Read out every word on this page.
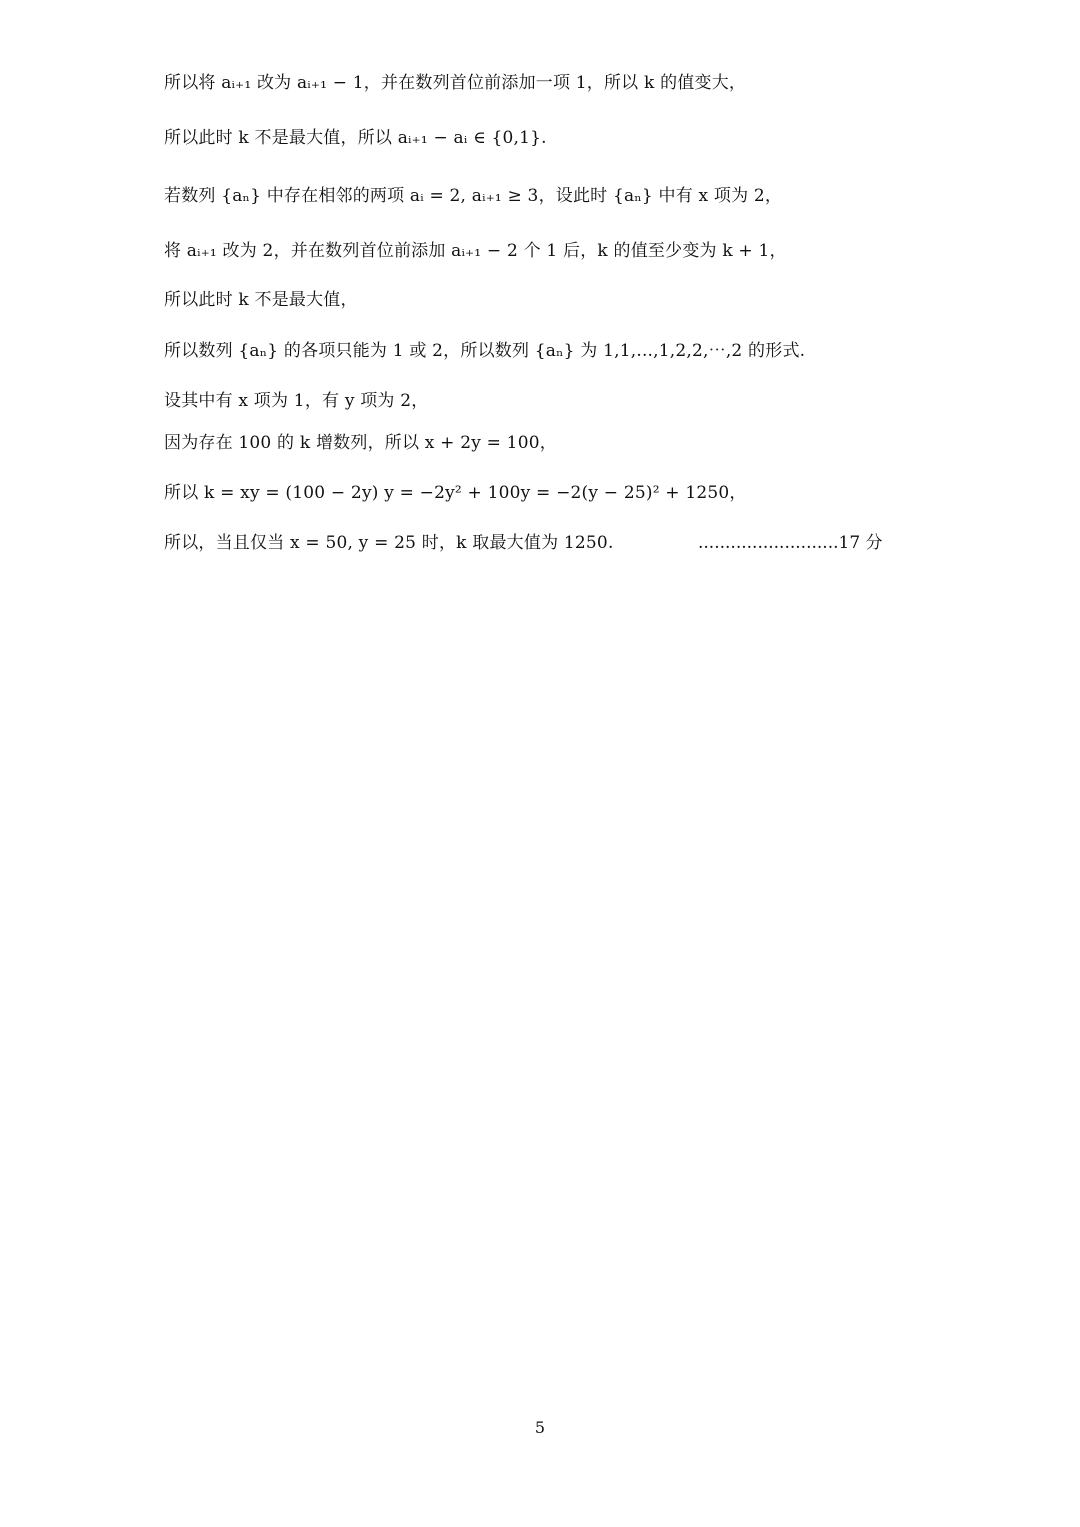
所以将 aᵢ₊₁ 改为 aᵢ₊₁ − 1，并在数列首位前添加一项 1，所以 k 的值变大，
所以此时 k 不是最大值，所以 aᵢ₊₁ − aᵢ ∈ {0,1}.
若数列 {aₙ} 中存在相邻的两项 aᵢ = 2, aᵢ₊₁ ≥ 3，设此时 {aₙ} 中有 x 项为 2，
将 aᵢ₊₁ 改为 2，并在数列首位前添加 aᵢ₊₁ − 2 个 1 后，k 的值至少变为 k + 1，
所以此时 k 不是最大值，
所以数列 {aₙ} 的各项只能为 1 或 2，所以数列 {aₙ} 为 1,1,...,1,2,2,⋯,2 的形式.
设其中有 x 项为 1，有 y 项为 2，
因为存在 100 的 k 增数列，所以 x + 2y = 100，
所以 k = xy = (100 − 2y) y = −2y² + 100y = −2(y − 25)² + 1250，
所以，当且仅当 x = 50, y = 25 时，k 取最大值为 1250.	..........................17 分
5
